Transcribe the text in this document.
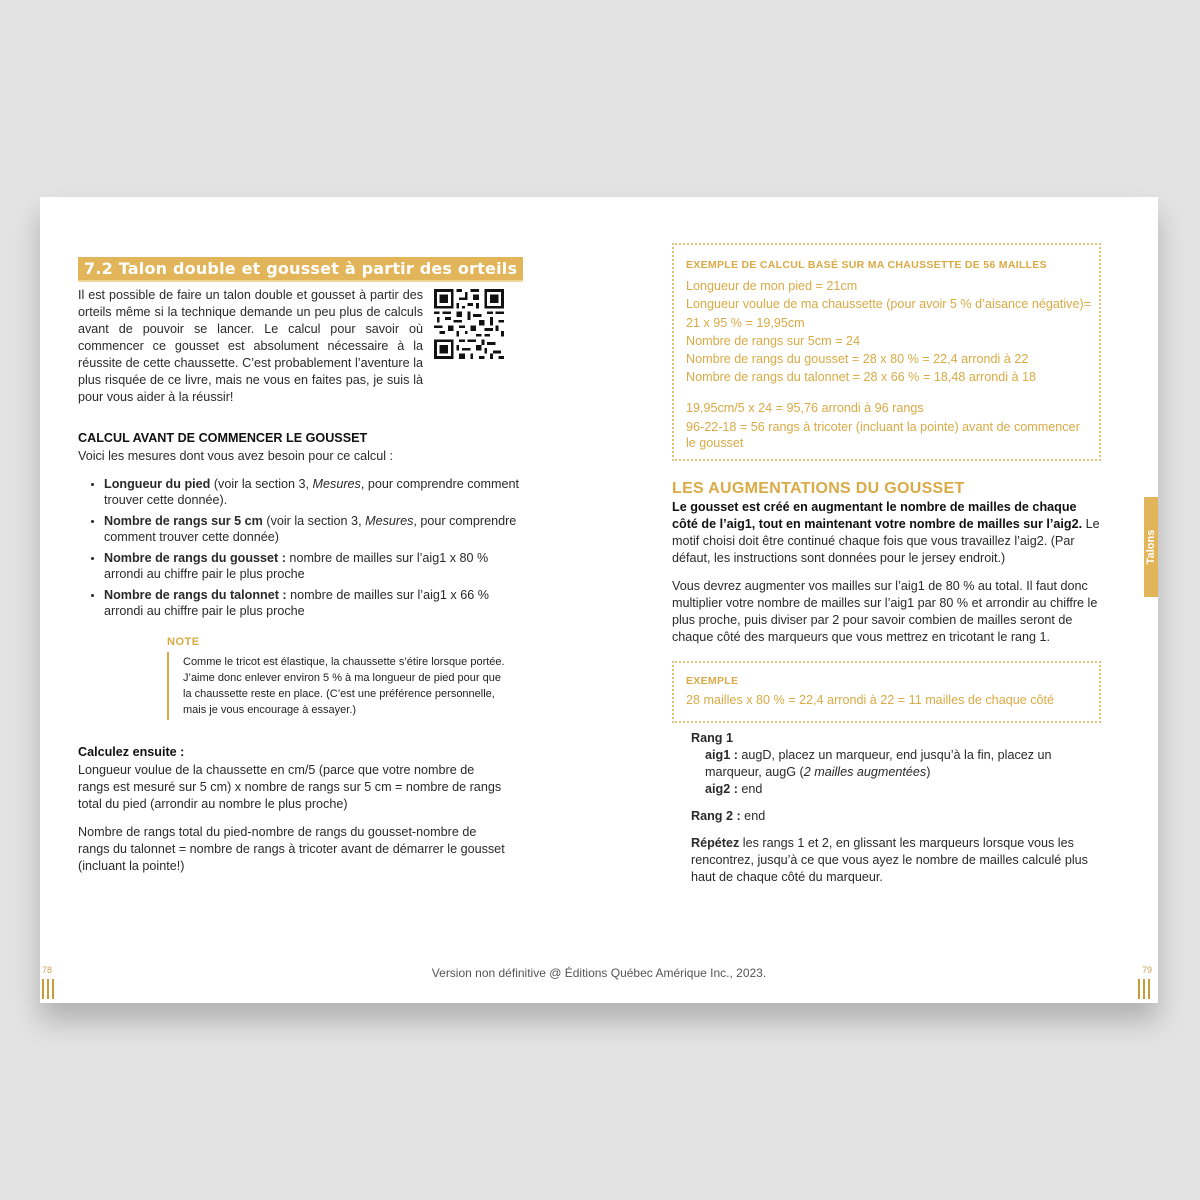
7.2 Talon double et gousset à partir des orteils

Il est possible de faire un talon double et gousset à partir des orteils même si la technique demande un peu plus de calculs avant de pouvoir se lancer. Le calcul pour savoir où commencer ce gousset est absolument nécessaire à la réussite de cette chaussette. C’est probablement l’aventure la plus risquée de ce livre, mais ne vous en faites pas, je suis là pour vous aider à la réussir!

CALCUL AVANT DE COMMENCER LE GOUSSET

Voici les mesures dont vous avez besoin pour ce calcul :

• Longueur du pied (voir la section 3, Mesures, pour comprendre comment trouver cette donnée).
• Nombre de rangs sur 5 cm (voir la section 3, Mesures, pour comprendre comment trouver cette donnée)
• Nombre de rangs du gousset : nombre de mailles sur l’aig1 x 80 % arrondi au chiffre pair le plus proche
• Nombre de rangs du talonnet : nombre de mailles sur l’aig1 x 66 % arrondi au chiffre pair le plus proche

NOTE

Comme le tricot est élastique, la chaussette s’étire lorsque portée. J’aime donc enlever environ 5 % à ma longueur de pied pour que la chaussette reste en place. (C’est une préférence personnelle, mais je vous encourage à essayer.)

Calculez ensuite :

Longueur voulue de la chaussette en cm/5 (parce que votre nombre de rangs est mesuré sur 5 cm) x nombre de rangs sur 5 cm = nombre de rangs total du pied (arrondir au nombre le plus proche)

Nombre de rangs total du pied-nombre de rangs du gousset-nombre de rangs du talonnet = nombre de rangs à tricoter avant de démarrer le gousset (incluant la pointe!)

78

EXEMPLE DE CALCUL BASÉ SUR MA CHAUSSETTE DE 56 MAILLES

Longueur de mon pied = 21cm

Longueur voulue de ma chaussette (pour avoir 5 % d’aisance négative)= 21 x 95 % = 19,95cm

Nombre de rangs sur 5cm = 24

Nombre de rangs du gousset = 28 x 80 % = 22,4 arrondi à 22

Nombre de rangs du talonnet = 28 x 66 % = 18,48 arrondi à 18

19,95cm/5 x 24 = 95,76 arrondi à 96 rangs

96-22-18 = 56 rangs à tricoter (incluant la pointe) avant de commencer le gousset

LES AUGMENTATIONS DU GOUSSET

Le gousset est créé en augmentant le nombre de mailles de chaque côté de l’aig1, tout en maintenant votre nombre de mailles sur l’aig2. Le motif choisi doit être continué chaque fois que vous travaillez l’aig2. (Par défaut, les instructions sont données pour le jersey endroit.)

Vous devrez augmenter vos mailles sur l’aig1 de 80 % au total. Il faut donc multiplier votre nombre de mailles sur l’aig1 par 80 % et arrondir au chiffre le plus proche, puis diviser par 2 pour savoir combien de mailles seront de chaque côté des marqueurs que vous mettrez en tricotant le rang 1.

EXEMPLE

28 mailles x 80 % = 22,4 arrondi à 22 = 11 mailles de chaque côté

Rang 1

aig1 : augD, placez un marqueur, end jusqu’à la fin, placez un marqueur, augG (2 mailles augmentées)

aig2 : end

Rang 2 : end

Répétez les rangs 1 et 2, en glissant les marqueurs lorsque vous les rencontrez, jusqu’à ce que vous ayez le nombre de mailles calculé plus haut de chaque côté du marqueur.

Talons
79
Version non définitive @ Éditions Québec Amérique Inc., 2023.
